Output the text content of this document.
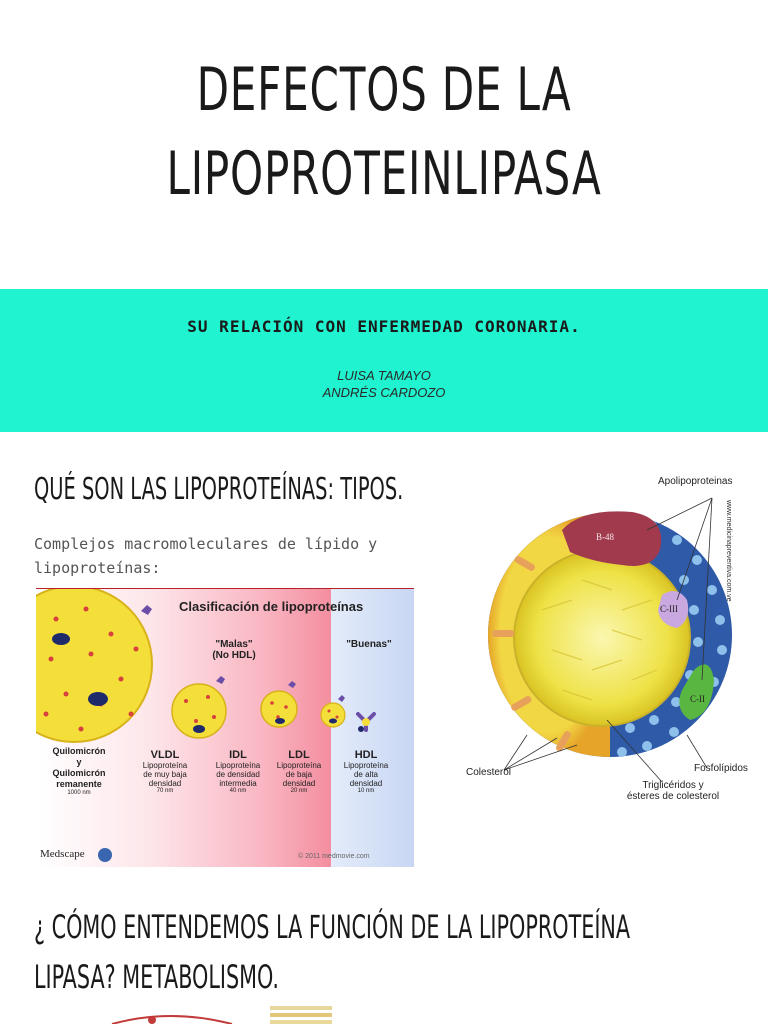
DEFECTOS DE LA
LIPOPROTEINLIPASA
SU RELACIÓN CON ENFERMEDAD CORONARIA.
LUISA TAMAYO
ANDRÉS CARDOZO
QUÉ SON LAS LIPOPROTEÍNAS: TIPOS.
Complejos macromoleculares de lípido y lipoproteínas:
Clasificación de lipoproteínas
"Malas"
(No HDL)
"Buenas"
Quilomicrón
y
Quilomicrón
remanente
1000 nm
VLDL
Lipoproteína
de muy baja
densidad
70 nm
IDL
Lipoproteína
de densidad
intermedia
40 nm
LDL
Lipoproteína
de baja
densidad
20 nm
HDL
Lipoproteína
de alta
densidad
10 nm
Medscape	© 2011 medmovie.com
Apolipoproteinas
B-48
C-III
C-II
Colesterol	Fosfolípidos
Triglicéridos y
ésteres de colesterol
www.medicinapreventiva.com.ve
¿ CÓMO ENTENDEMOS LA FUNCIÓN DE LA LIPOPROTEÍNA LIPASA? METABOLISMO.
